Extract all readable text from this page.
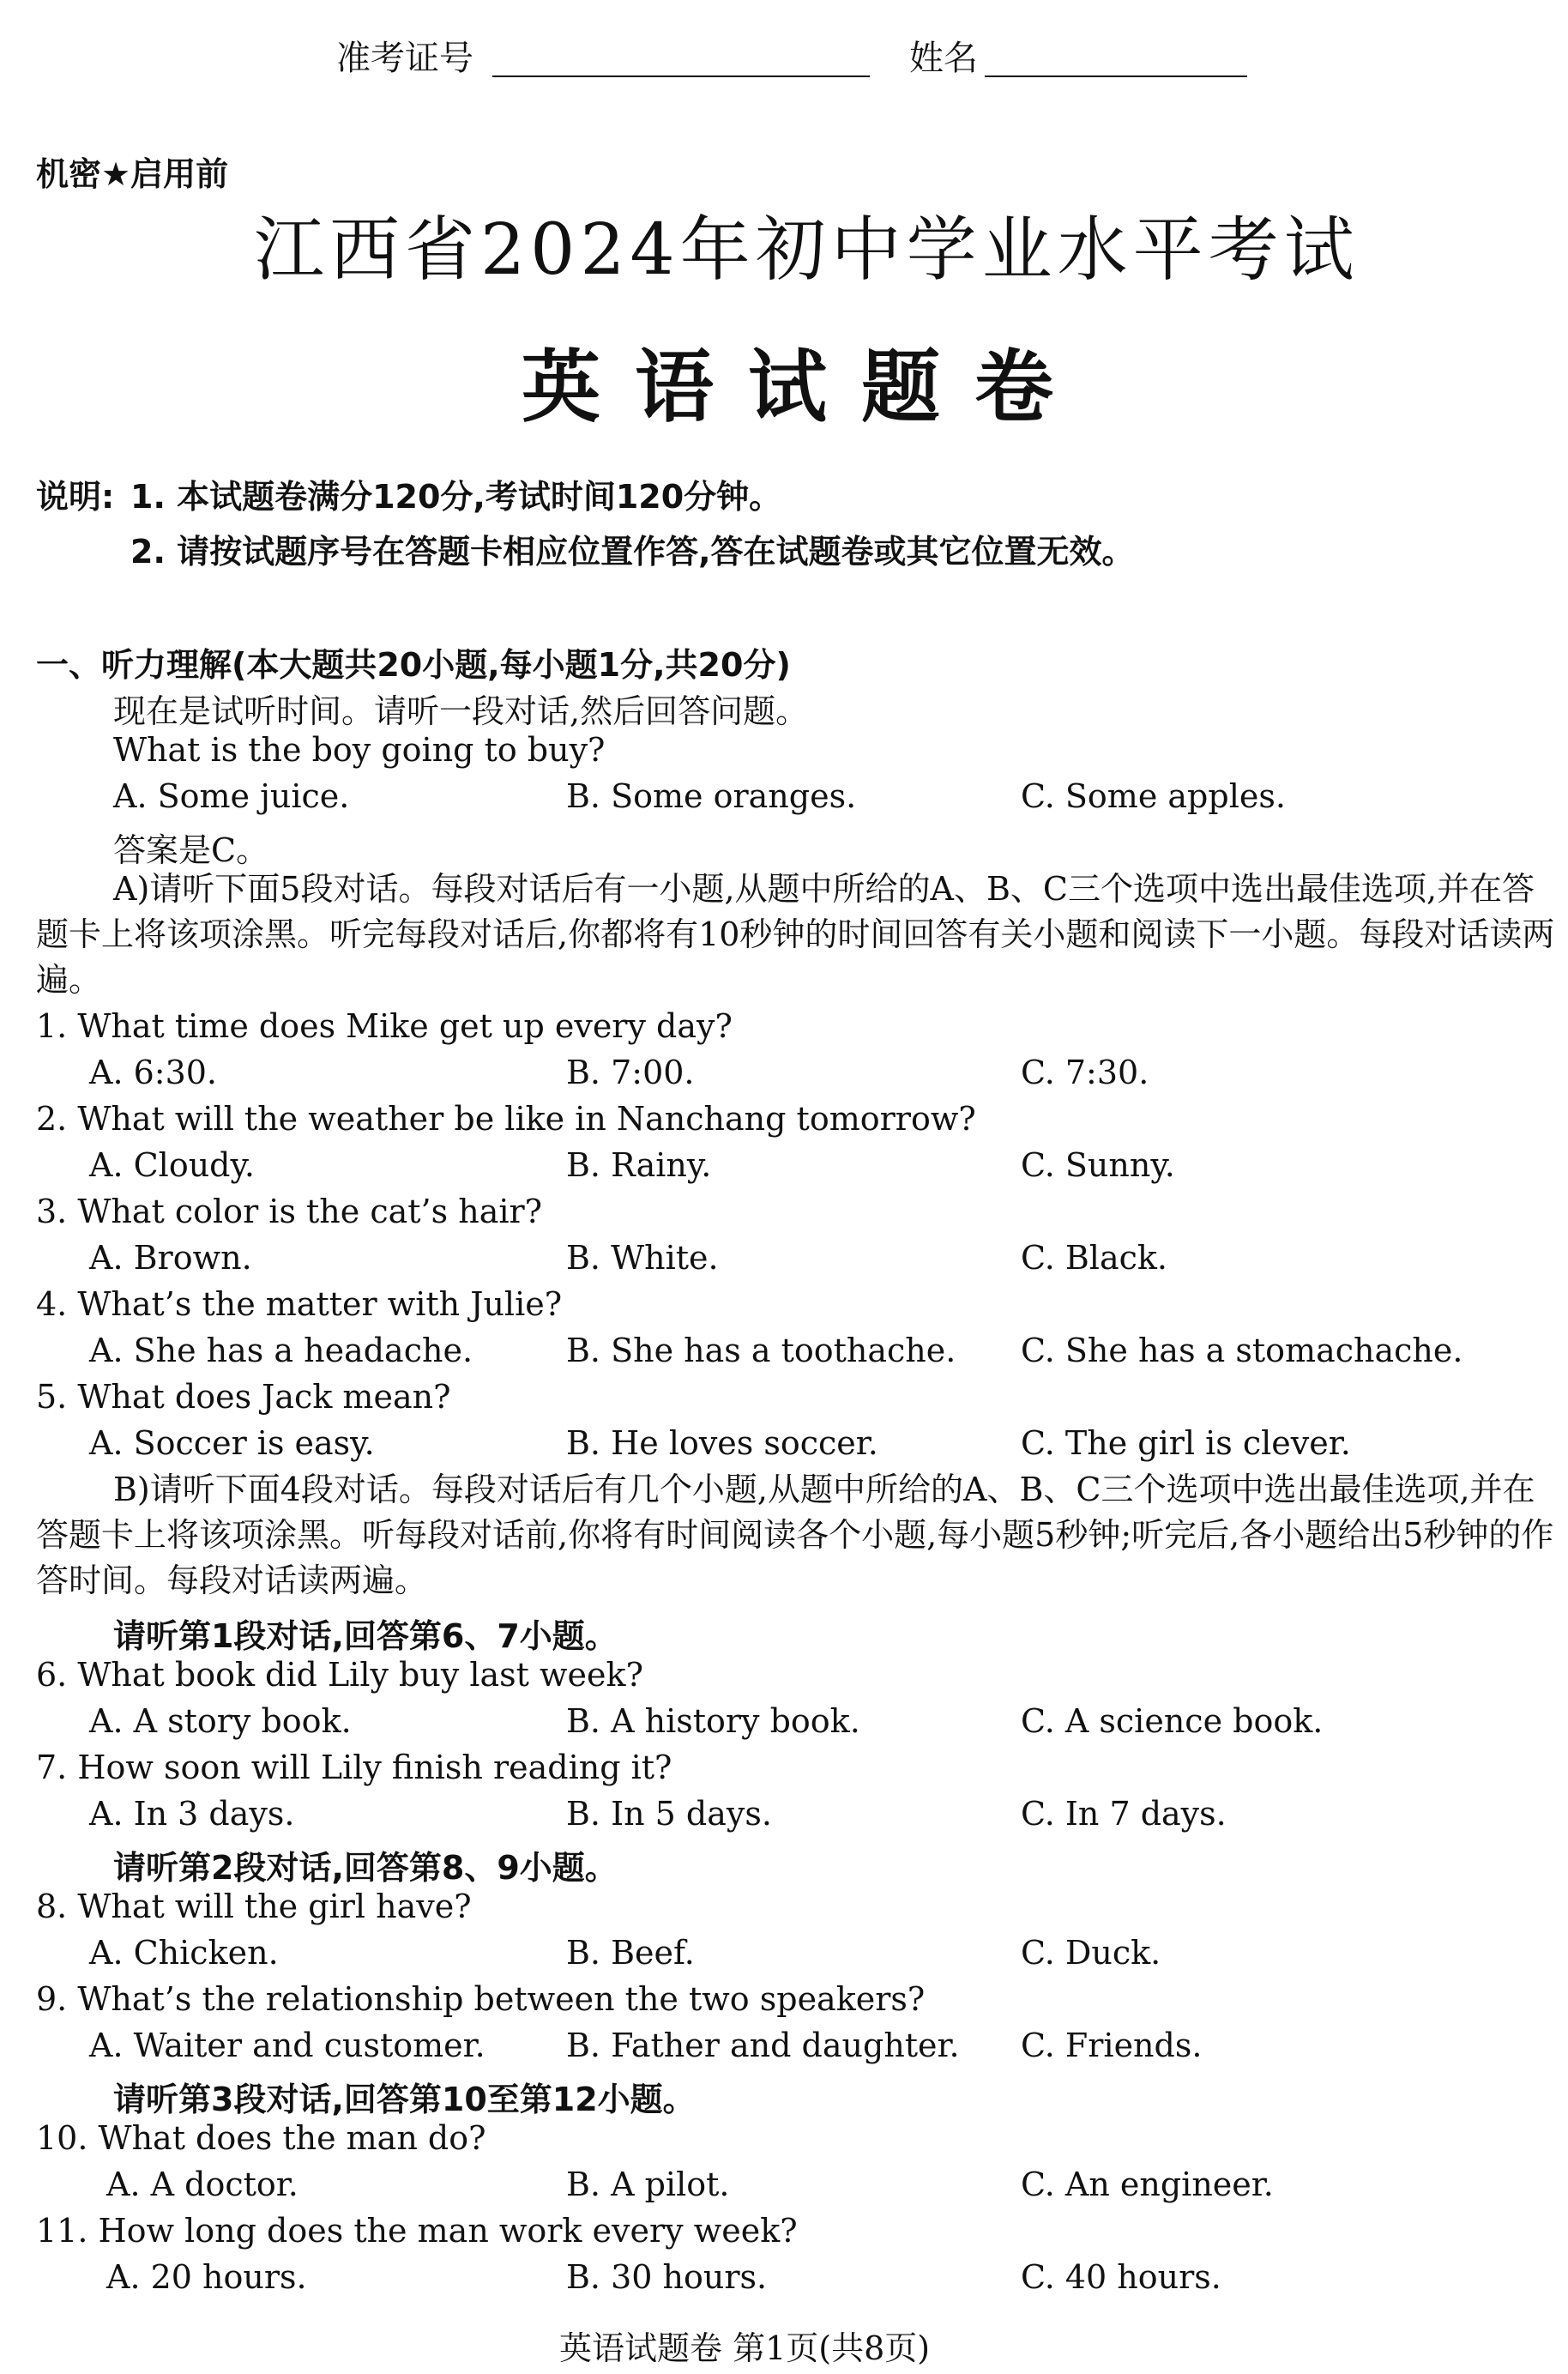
准考证号	姓名
机密★启用前
江西省2024年初中学业水平考试
英语试题卷
说明: 1. 本试题卷满分120分,考试时间120分钟。
2. 请按试题序号在答题卡相应位置作答,答在试题卷或其它位置无效。
一、听力理解(本大题共20小题,每小题1分,共20分)
现在是试听时间。请听一段对话,然后回答问题。
What is the boy going to buy?
A. Some juice.	B. Some oranges.	C. Some apples.
答案是C。
A)请听下面5段对话。每段对话后有一小题,从题中所给的A、B、C三个选项中选出最佳选项,并在答题卡上将该项涂黑。听完每段对话后,你都将有10秒钟的时间回答有关小题和阅读下一小题。每段对话读两遍。
1. What time does Mike get up every day?
A. 6:30.	B. 7:00.	C. 7:30.
2. What will the weather be like in Nanchang tomorrow?
A. Cloudy.	B. Rainy.	C. Sunny.
3. What color is the cat’s hair?
A. Brown.	B. White.	C. Black.
4. What’s the matter with Julie?
A. She has a headache.	B. She has a toothache. C. She has a stomachache.
5. What does Jack mean?
A. Soccer is easy.	B. He loves soccer.	C. The girl is clever.
B)请听下面4段对话。每段对话后有几个小题,从题中所给的A、B、C三个选项中选出最佳选项,并在答题卡上将该项涂黑。听每段对话前,你将有时间阅读各个小题,每小题5秒钟;听完后,各小题给出5秒钟的作答时间。每段对话读两遍。
请听第1段对话,回答第6、7小题。
6. What book did Lily buy last week?
A. A story book.	B. A history book.	C. A science book.
7. How soon will Lily finish reading it?
A. In 3 days.	B. In 5 days.	C. In 7 days.
请听第2段对话,回答第8、9小题。
8. What will the girl have?
A. Chicken.	B. Beef.	C. Duck.
9. What’s the relationship between the two speakers?
A. Waiter and customer. B. Father and daughter. C. Friends.
请听第3段对话,回答第10至第12小题。
10. What does the man do?
A. A doctor.	B. A pilot.	C. An engineer.
11. How long does the man work every week?
A. 20 hours.	B. 30 hours.	C. 40 hours.
英语试题卷 第1页(共8页)
